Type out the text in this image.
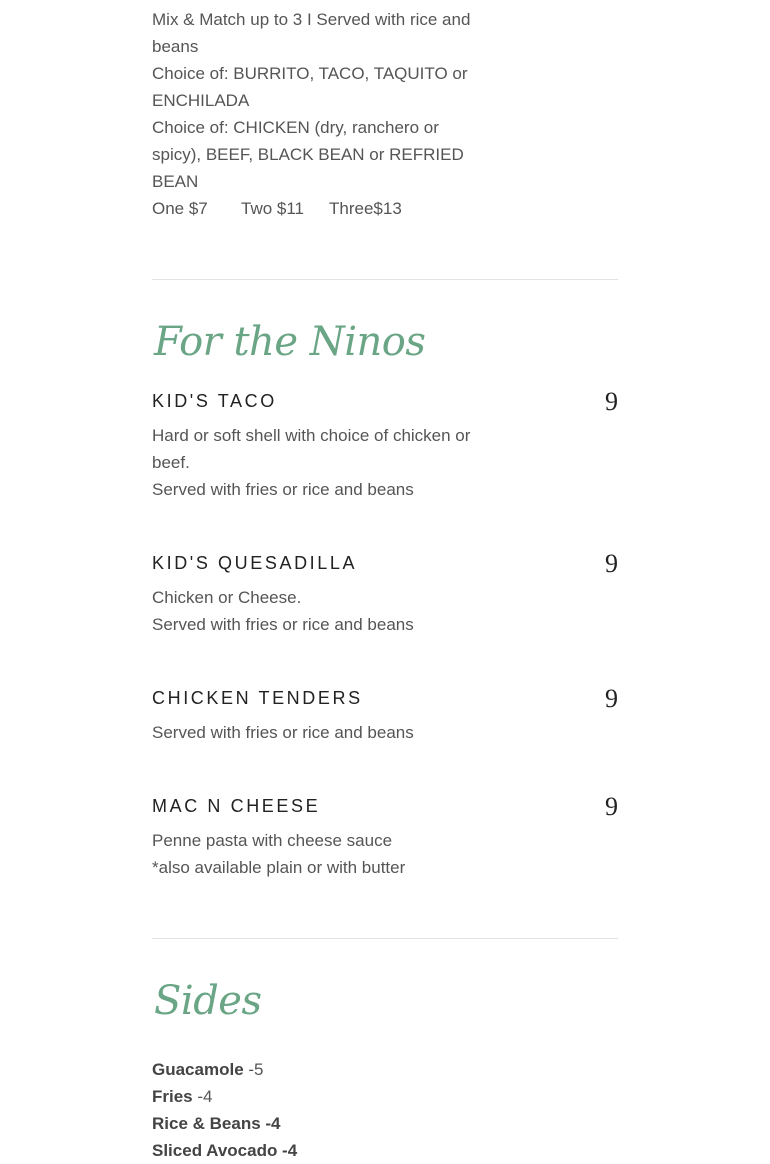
Mix & Match up to 3 I Served with rice and beans
Choice of: BURRITO, TACO, TAQUITO or ENCHILADA
Choice of: CHICKEN (dry, ranchero or spicy), BEEF, BLACK BEAN or REFRIED BEAN
One $7 Two $11 Three$13
For the Ninos
KID'S TACO	9
Hard or soft shell with choice of chicken or beef.
Served with fries or rice and beans
KID'S QUESADILLA	9
Chicken or Cheese.
Served with fries or rice and beans
CHICKEN TENDERS	9
Served with fries or rice and beans
MAC N CHEESE	9
Penne pasta with cheese sauce
*also available plain or with butter
Sides
Guacamole -5
Fries -4
Rice & Beans -4
Sliced Avocado -4
